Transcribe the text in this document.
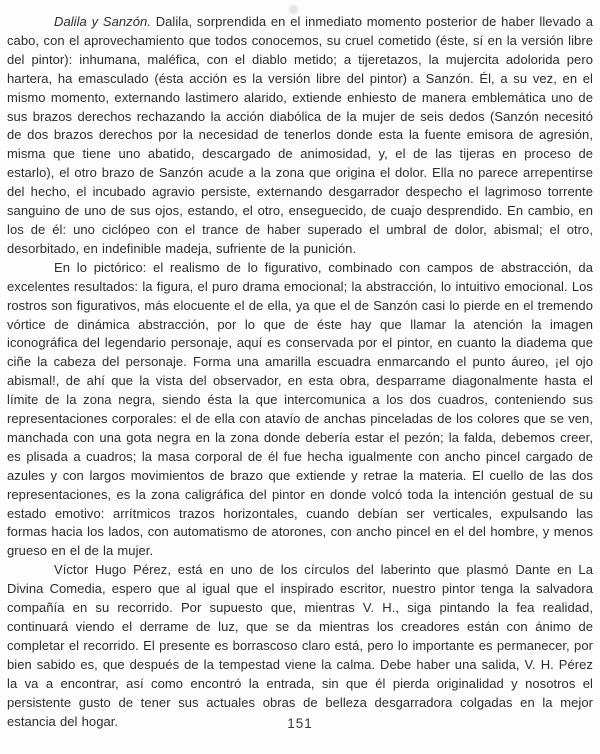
Dalila y Sanzón. Dalila, sorprendida en el inmediato momento posterior de haber llevado a cabo, con el aprovechamiento que todos conocemos, su cruel cometido (éste, sí en la versión libre del pintor): inhumana, maléfica, con el diablo metido; a tijeretazos, la mujercita adolorida pero hartera, ha emasculado (ésta acción es la versión libre del pintor) a Sanzón. Él, a su vez, en el mismo momento, externando lastimero alarido, extiende enhiesto de manera emblemática uno de sus brazos derechos rechazando la acción diabólica de la mujer de seis dedos (Sanzón necesitó de dos brazos derechos por la necesidad de tenerlos donde esta la fuente emisora de agresión, misma que tiene uno abatido, descargado de animosidad, y, el de las tijeras en proceso de estarlo), el otro brazo de Sanzón acude a la zona que origina el dolor. Ella no parece arrepentirse del hecho, el incubado agravio persiste, externando desgarrador despecho el lagrimoso torrente sanguino de uno de sus ojos, estando, el otro, enseguecido, de cuajo desprendido. En cambio, en los de él: uno ciclópeo con el trance de haber superado el umbral de dolor, abismal; el otro, desorbitado, en indefinible madeja, sufriente de la punición.

En lo pictórico: el realismo de lo figurativo, combinado con campos de abstracción, da excelentes resultados: la figura, el puro drama emocional; la abstracción, lo intuitivo emocional. Los rostros son figurativos, más elocuente el de ella, ya que el de Sanzón casi lo pierde en el tremendo vórtice de dinámica abstracción, por lo que de éste hay que llamar la atención la imagen iconográfica del legendario personaje, aquí es conservada por el pintor, en cuanto la diadema que ciñe la cabeza del personaje. Forma una amarilla escuadra enmarcando el punto áureo, ¡el ojo abismal!, de ahí que la vista del observador, en esta obra, desparrame diagonalmente hasta el límite de la zona negra, siendo ésta la que intercomunica a los dos cuadros, conteniendo sus representaciones corporales: el de ella con atavío de anchas pinceladas de los colores que se ven, manchada con una gota negra en la zona donde debería estar el pezón; la falda, debemos creer, es plisada a cuadros; la masa corporal de él fue hecha igualmente con ancho pincel cargado de azules y con largos movimientos de brazo que extiende y retrae la materia. El cuello de las dos representaciones, es la zona caligráfica del pintor en donde volcó toda la intención gestual de su estado emotivo: arrítmicos trazos horizontales, cuando debían ser verticales, expulsando las formas hacia los lados, con automatismo de atorones, con ancho pincel en el del hombre, y menos grueso en el de la mujer.

Víctor Hugo Pérez, está en uno de los círculos del laberinto que plasmó Dante en La Divina Comedia, espero que al igual que el inspirado escritor, nuestro pintor tenga la salvadora compañía en su recorrido. Por supuesto que, mientras V. H., siga pintando la fea realidad, continuará viendo el derrame de luz, que se da mientras los creadores están con ánimo de completar el recorrido. El presente es borrascoso claro está, pero lo importante es permanecer, por bien sabido es, que después de la tempestad viene la calma. Debe haber una salida, V. H. Pérez la va a encontrar, así como encontró la entrada, sin que él pierda originalidad y nosotros el persistente gusto de tener sus actuales obras de belleza desgarradora colgadas en la mejor estancia del hogar.	151
